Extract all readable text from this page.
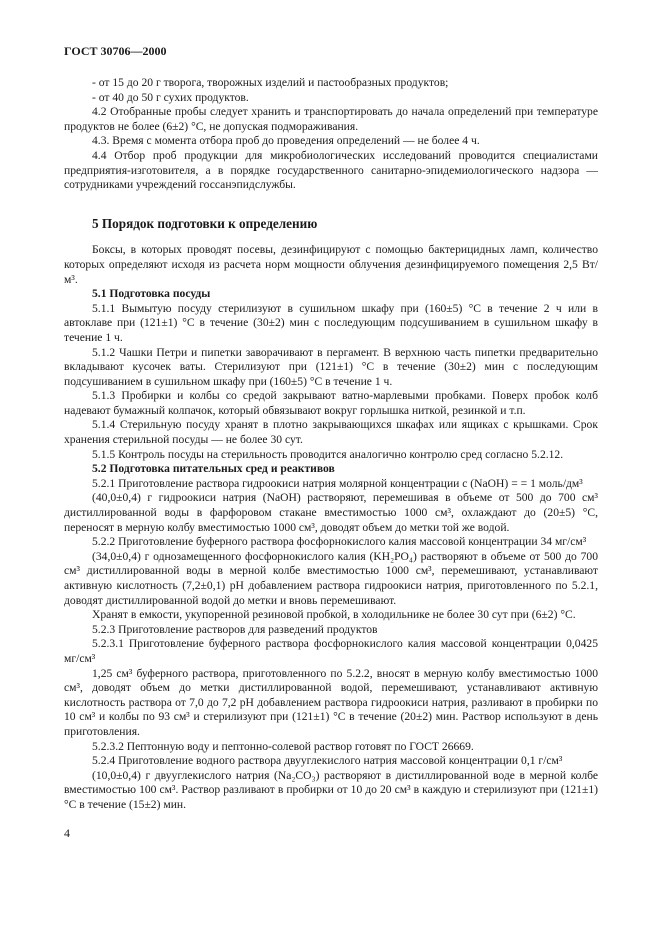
ГОСТ 30706—2000

- от 15 до 20 г творога, творожных изделий и пастообразных продуктов;

- от 40 до 50 г сухих продуктов.

4.2 Отобранные пробы следует хранить и транспортировать до начала определений при температуре продуктов не более (6±2) °С, не допуская подмораживания.

4.3. Время с момента отбора проб до проведения определений — не более 4 ч.

4.4 Отбор проб продукции для микробиологических исследований проводится специалистами предприятия-изготовителя, а в порядке государственного санитарно-эпидемиологического надзора — сотрудниками учреждений госсанэпидслужбы.

5 Порядок подготовки к определению

Боксы, в которых проводят посевы, дезинфицируют с помощью бактерицидных ламп, количество которых определяют исходя из расчета норм мощности облучения дезинфицируемого помещения 2,5 Вт/м³.

5.1 Подготовка посуды

5.1.1 Вымытую посуду стерилизуют в сушильном шкафу при (160±5) °С в течение 2 ч или в автоклаве при (121±1) °С в течение (30±2) мин с последующим подсушиванием в сушильном шкафу в течение 1 ч.

5.1.2 Чашки Петри и пипетки заворачивают в пергамент. В верхнюю часть пипетки предварительно вкладывают кусочек ваты. Стерилизуют при (121±1) °С в течение (30±2) мин с последующим подсушиванием в сушильном шкафу при (160±5) °С в течение 1 ч.

5.1.3 Пробирки и колбы со средой закрывают ватно-марлевыми пробками. Поверх пробок колб надевают бумажный колпачок, который обвязывают вокруг горлышка ниткой, резинкой и т.п.

5.1.4 Стерильную посуду хранят в плотно закрывающихся шкафах или ящиках с крышками. Срок хранения стерильной посуды — не более 30 сут.

5.1.5 Контроль посуды на стерильность проводится аналогично контролю сред согласно 5.2.12.

5.2 Подготовка питательных сред и реактивов

5.2.1 Приготовление раствора гидроокиси натрия молярной концентрации c (NaOH) = = 1 моль/дм³

(40,0±0,4) г гидроокиси натрия (NaOH) растворяют, перемешивая в объеме от 500 до 700 см³ дистиллированной воды в фарфоровом стакане вместимостью 1000 см³, охлаждают до (20±5) °С, переносят в мерную колбу вместимостью 1000 см³, доводят объем до метки той же водой.

5.2.2 Приготовление буферного раствора фосфорнокислого калия массовой концентрации 34 мг/см³

(34,0±0,4) г однозамещенного фосфорнокислого калия (KH₂PO₄) растворяют в объеме от 500 до 700 см³ дистиллированной воды в мерной колбе вместимостью 1000 см³, перемешивают, устанавливают активную кислотность (7,2±0,1) рН добавлением раствора гидроокиси натрия, приготовленного по 5.2.1, доводят дистиллированной водой до метки и вновь перемешивают.

Хранят в емкости, укупоренной резиновой пробкой, в холодильнике не более 30 сут при (6±2) °С.

5.2.3 Приготовление растворов для разведений продуктов

5.2.3.1 Приготовление буферного раствора фосфорнокислого калия массовой концентрации 0,0425 мг/см³

1,25 см³ буферного раствора, приготовленного по 5.2.2, вносят в мерную колбу вместимостью 1000 см³, доводят объем до метки дистиллированной водой, перемешивают, устанавливают активную кислотность раствора от 7,0 до 7,2 рН добавлением раствора гидроокиси натрия, разливают в пробирки по 10 см³ и колбы по 93 см³ и стерилизуют при (121±1) °С в течение (20±2) мин. Раствор используют в день приготовления.

5.2.3.2 Пептонную воду и пептонно-солевой раствор готовят по ГОСТ 26669.

5.2.4 Приготовление водного раствора двууглекислого натрия массовой концентрации 0,1 г/см³

(10,0±0,4) г двууглекислого натрия (Na₂CO₃) растворяют в дистиллированной воде в мерной колбе вместимостью 100 см³. Раствор разливают в пробирки от 10 до 20 см³ в каждую и стерилизуют при (121±1) °С в течение (15±2) мин.

4
